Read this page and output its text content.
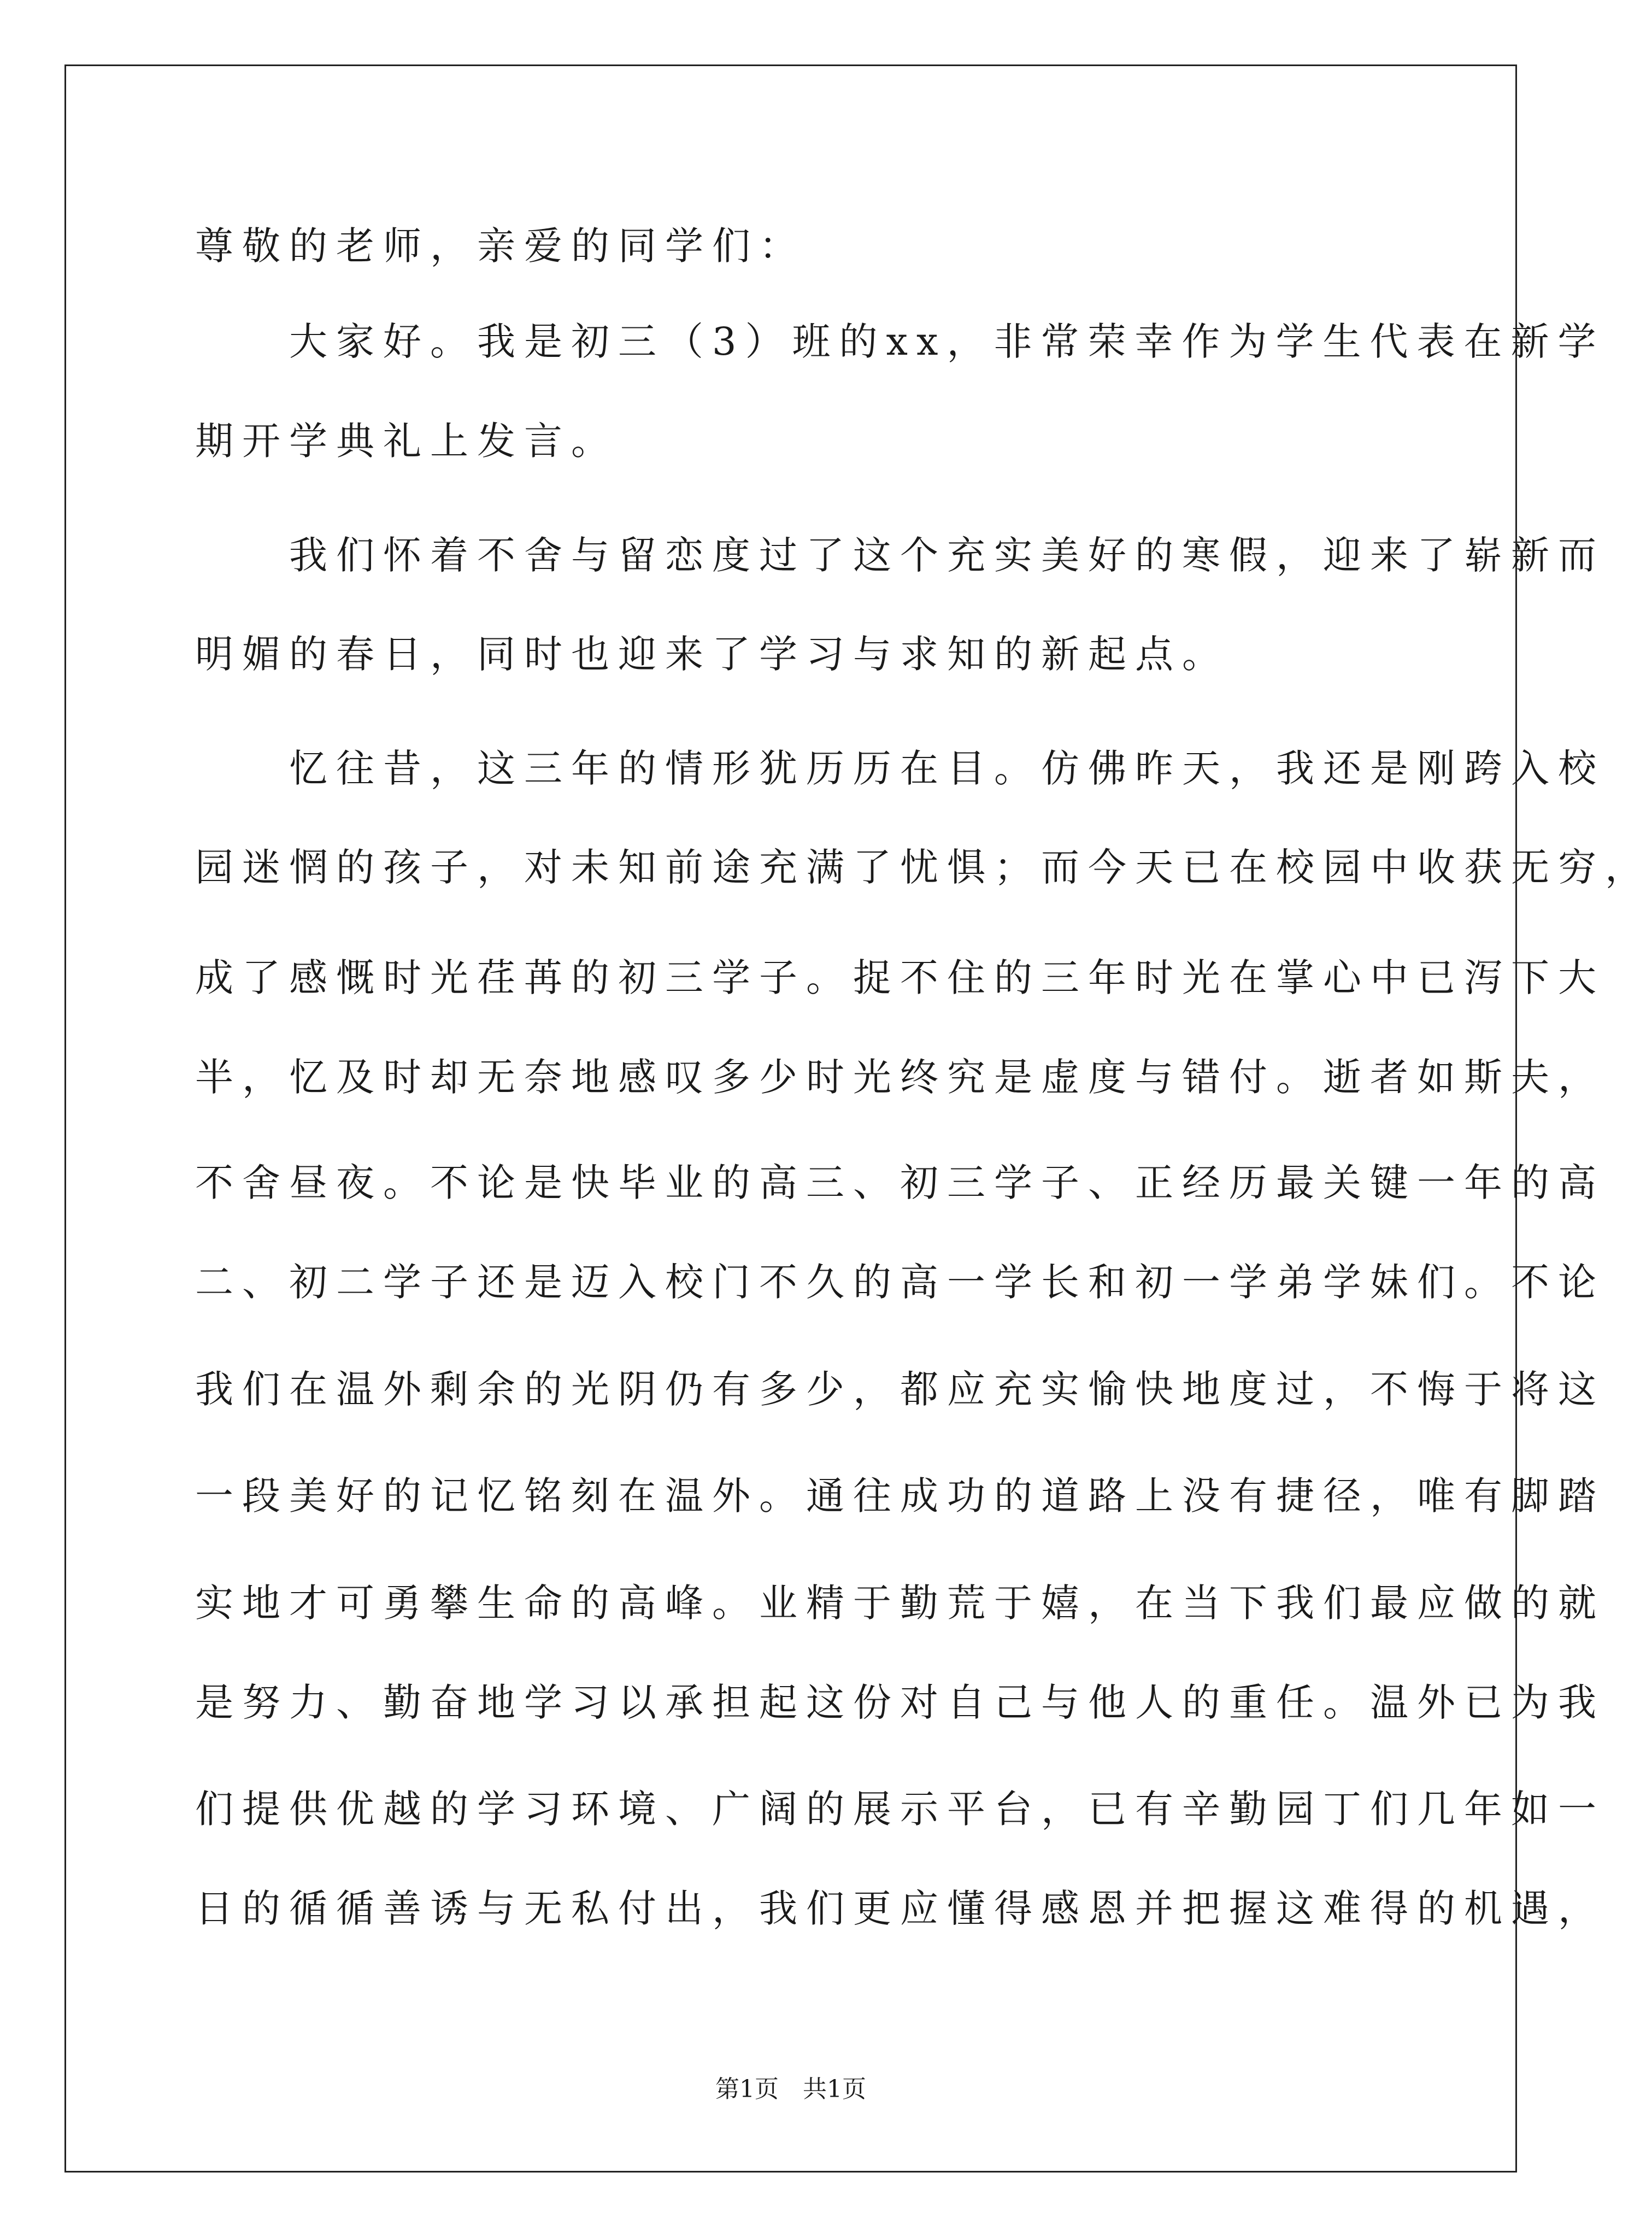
尊敬的老师，亲爱的同学们：
　　大家好。我是初三（3）班的xx，非常荣幸作为学生代表在新学
期开学典礼上发言。
　　我们怀着不舍与留恋度过了这个充实美好的寒假，迎来了崭新而
明媚的春日，同时也迎来了学习与求知的新起点。
　　忆往昔，这三年的情形犹历历在目。仿佛昨天，我还是刚跨入校
园迷惘的孩子，对未知前途充满了忧惧；而今天已在校园中收获无穷，
成了感慨时光荏苒的初三学子。捉不住的三年时光在掌心中已泻下大
半，忆及时却无奈地感叹多少时光终究是虚度与错付。逝者如斯夫，
不舍昼夜。不论是快毕业的高三、初三学子、正经历最关键一年的高
二、初二学子还是迈入校门不久的高一学长和初一学弟学妹们。不论
我们在温外剩余的光阴仍有多少，都应充实愉快地度过，不悔于将这
一段美好的记忆铭刻在温外。通往成功的道路上没有捷径，唯有脚踏
实地才可勇攀生命的高峰。业精于勤荒于嬉，在当下我们最应做的就
是努力、勤奋地学习以承担起这份对自己与他人的重任。温外已为我
们提供优越的学习环境、广阔的展示平台，已有辛勤园丁们几年如一
日的循循善诱与无私付出，我们更应懂得感恩并把握这难得的机遇，
第1页　共1页
